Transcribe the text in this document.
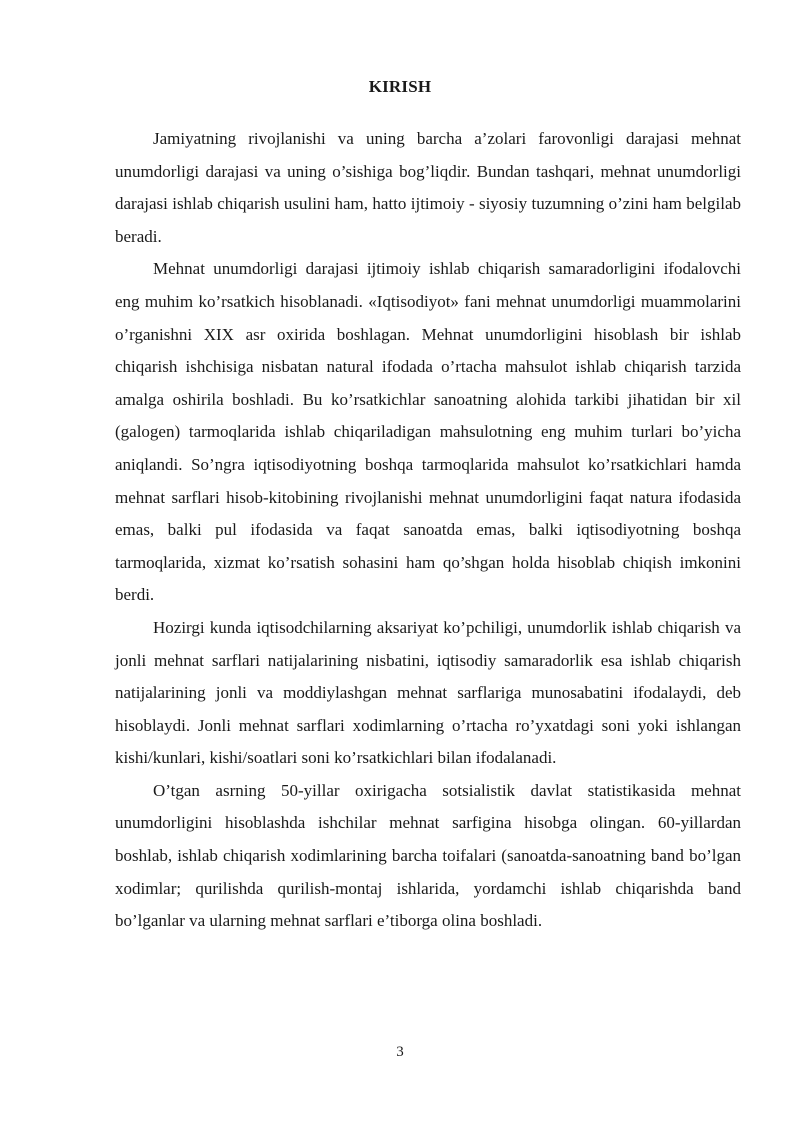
KIRISH

Jamiyatning rivojlanishi va uning barcha a’zolari farovonligi darajasi mehnat unumdorligi darajasi va uning o’sishiga bog’liqdir. Bundan tashqari, mehnat unumdorligi darajasi ishlab chiqarish usulini ham, hatto ijtimoiy - siyosiy tuzumning o’zini ham belgilab beradi.

Mehnat unumdorligi darajasi ijtimoiy ishlab chiqarish samaradorligini ifodalovchi eng muhim ko’rsatkich hisoblanadi. «Iqtisodiyot» fani mehnat unumdorligi muammolarini o’rganishni XIX asr oxirida boshlagan. Mehnat unumdorligini hisoblash bir ishlab chiqarish ishchisiga nisbatan natural ifodada o’rtacha mahsulot ishlab chiqarish tarzida amalga oshirila boshladi. Bu ko’rsatkichlar sanoatning alohida tarkibi jihatidan bir xil (galogen) tarmoqlarida ishlab chiqariladigan mahsulotning eng muhim turlari bo’yicha aniqlandi. So’ngra iqtisodiyotning boshqa tarmoqlarida mahsulot ko’rsatkichlari hamda mehnat sarflari hisob-kitobining rivojlanishi mehnat unumdorligini faqat natura ifodasida emas, balki pul ifodasida va faqat sanoatda emas, balki iqtisodiyotning boshqa tarmoqlarida, xizmat ko’rsatish sohasini ham qo’shgan holda hisoblab chiqish imkonini berdi.

Hozirgi kunda iqtisodchilarning aksariyat ko’pchiligi, unumdorlik ishlab chiqarish va jonli mehnat sarflari natijalarining nisbatini, iqtisodiy samaradorlik esa ishlab chiqarish natijalarining jonli va moddiylashgan mehnat sarflariga munosabatini ifodalaydi, deb hisoblaydi. Jonli mehnat sarflari xodimlarning o’rtacha ro’yxatdagi soni yoki ishlangan kishi/kunlari, kishi/soatlari soni ko’rsatkichlari bilan ifodalanadi.

O’tgan asrning 50-yillar oxirigacha sotsialistik davlat statistikasida mehnat unumdorligini hisoblashda ishchilar mehnat sarfigina hisobga olingan. 60-yillardan boshlab, ishlab chiqarish xodimlarining barcha toifalari (sanoatda-sanoatning band bo’lgan xodimlar; qurilishda qurilish-montaj ishlarida, yordamchi ishlab chiqarishda band bo’lganlar va ularning mehnat sarflari e’tiborga olina boshladi.

3
